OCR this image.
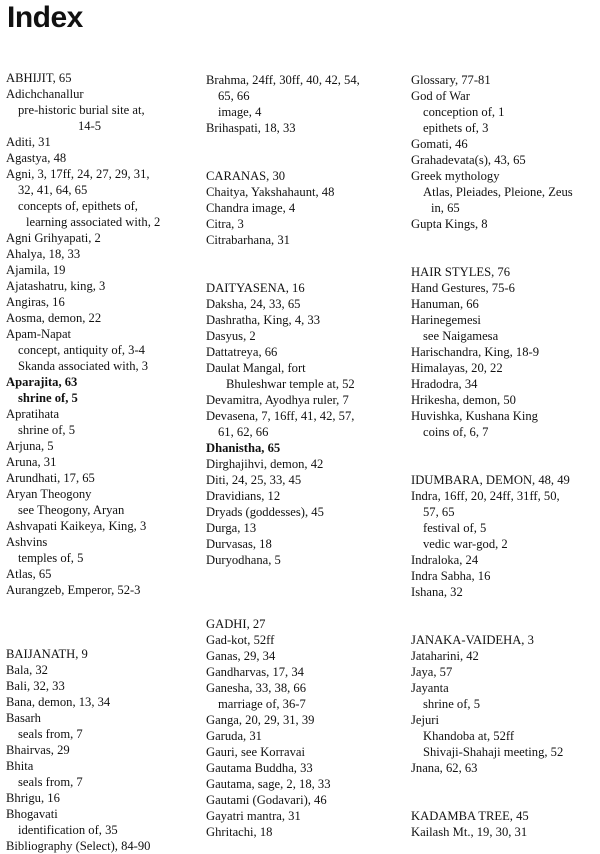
Index
ABHIJIT, 65
Adichchanallur
pre-historic burial site at,
14-5
Aditi, 31
Agastya, 48
Agni, 3, 17ff, 24, 27, 29, 31,
32, 41, 64, 65
concepts of, epithets of,
learning associated with, 2
Agni Grihyapati, 2
Ahalya, 18, 33
Ajamila, 19
Ajatashatru, king, 3
Angiras, 16
Aosma, demon, 22
Apam-Napat
concept, antiquity of, 3-4
Skanda associated with, 3
Aparajita, 63
shrine of, 5
Apratihata
shrine of, 5
Arjuna, 5
Aruna, 31
Arundhati, 17, 65
Aryan Theogony
see Theogony, Aryan
Ashvapati Kaikeya, King, 3
Ashvins
temples of, 5
Atlas, 65
Aurangzeb, Emperor, 52-3
BAIJANATH, 9
Bala, 32
Bali, 32, 33
Bana, demon, 13, 34
Basarh
seals from, 7
Bhairvas, 29
Bhita
seals from, 7
Bhrigu, 16
Bhogavati
identification of, 35
Bibliography (Select), 84-90
Brahma, 24ff, 30ff, 40, 42, 54,
65, 66
image, 4
Brihaspati, 18, 33
CARANAS, 30
Chaitya, Yakshahaunt, 48
Chandra image, 4
Citra, 3
Citrabarhana, 31
DAITYASENA, 16
Daksha, 24, 33, 65
Dashratha, King, 4, 33
Dasyus, 2
Dattatreya, 66
Daulat Mangal, fort
Bhuleshwar temple at, 52
Devamitra, Ayodhya ruler, 7
Devasena, 7, 16ff, 41, 42, 57,
61, 62, 66
Dhanistha, 65
Dirghajihvi, demon, 42
Diti, 24, 25, 33, 45
Dravidians, 12
Dryads (goddesses), 45
Durga, 13
Durvasas, 18
Duryodhana, 5
GADHI, 27
Gad-kot, 52ff
Ganas, 29, 34
Gandharvas, 17, 34
Ganesha, 33, 38, 66
marriage of, 36-7
Ganga, 20, 29, 31, 39
Garuda, 31
Gauri, see Korravai
Gautama Buddha, 33
Gautama, sage, 2, 18, 33
Gautami (Godavari), 46
Gayatri mantra, 31
Ghritachi, 18
Glossary, 77-81
God of War
conception of, 1
epithets of, 3
Gomati, 46
Grahadevata(s), 43, 65
Greek mythology
Atlas, Pleiades, Pleione, Zeus
in, 65
Gupta Kings, 8
HAIR STYLES, 76
Hand Gestures, 75-6
Hanuman, 66
Harinegemesi
see Naigamesa
Harischandra, King, 18-9
Himalayas, 20, 22
Hradodra, 34
Hrikesha, demon, 50
Huvishka, Kushana King
coins of, 6, 7
IDUMBARA, DEMON, 48, 49
Indra, 16ff, 20, 24ff, 31ff, 50,
57, 65
festival of, 5
vedic war-god, 2
Indraloka, 24
Indra Sabha, 16
Ishana, 32
JANAKA-VAIDEHA, 3
Jataharini, 42
Jaya, 57
Jayanta
shrine of, 5
Jejuri
Khandoba at, 52ff
Shivaji-Shahaji meeting, 52
Jnana, 62, 63
KADAMBA TREE, 45
Kailash Mt., 19, 30, 31
